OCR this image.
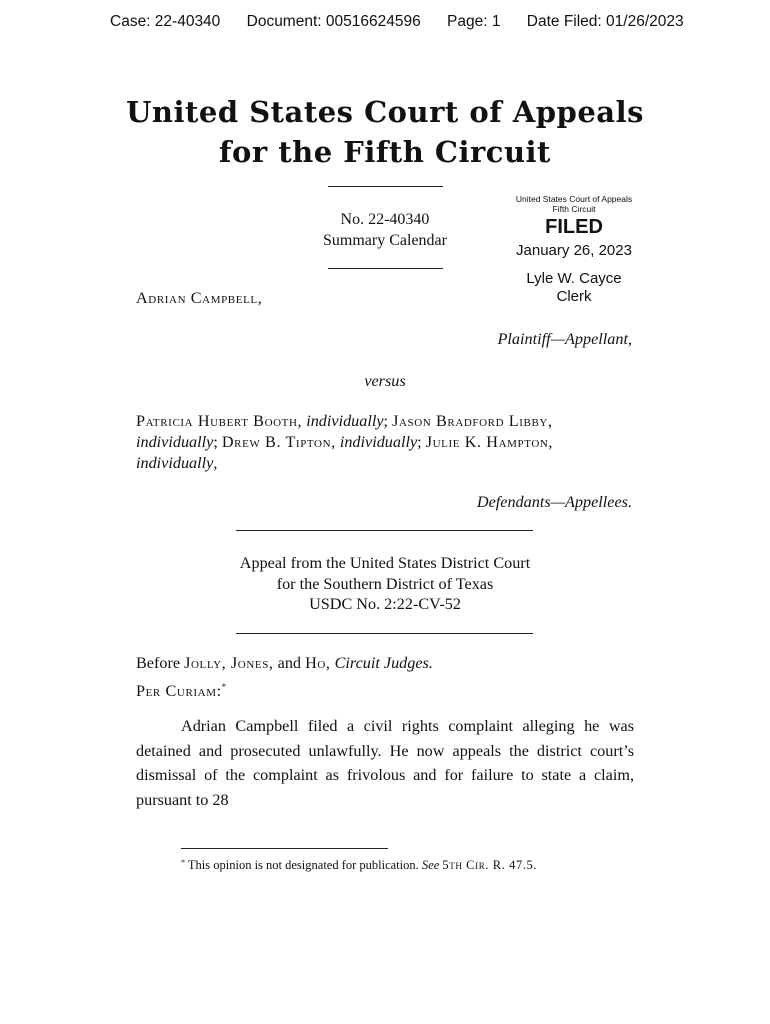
Case: 22-40340 Document: 00516624596 Page: 1 Date Filed: 01/26/2023
United States Court of Appeals
for the Fifth Circuit
No. 22-40340
Summary Calendar
United States Court of Appeals
Fifth Circuit
FILED
January 26, 2023
Lyle W. Cayce
Clerk
Adrian Campbell,
Plaintiff—Appellant,
versus
Patricia Hubert Booth, individually; Jason Bradford Libby, individually; Drew B. Tipton, individually; Julie K. Hampton, individually,
Defendants—Appellees.
Appeal from the United States District Court
for the Southern District of Texas
USDC No. 2:22-CV-52
Before Jolly, Jones, and Ho, Circuit Judges.
Per Curiam:*

Adrian Campbell filed a civil rights complaint alleging he was detained and prosecuted unlawfully. He now appeals the district court’s dismissal of the complaint as frivolous and for failure to state a claim, pursuant to 28

* This opinion is not designated for publication. See 5th Cir. R. 47.5.
